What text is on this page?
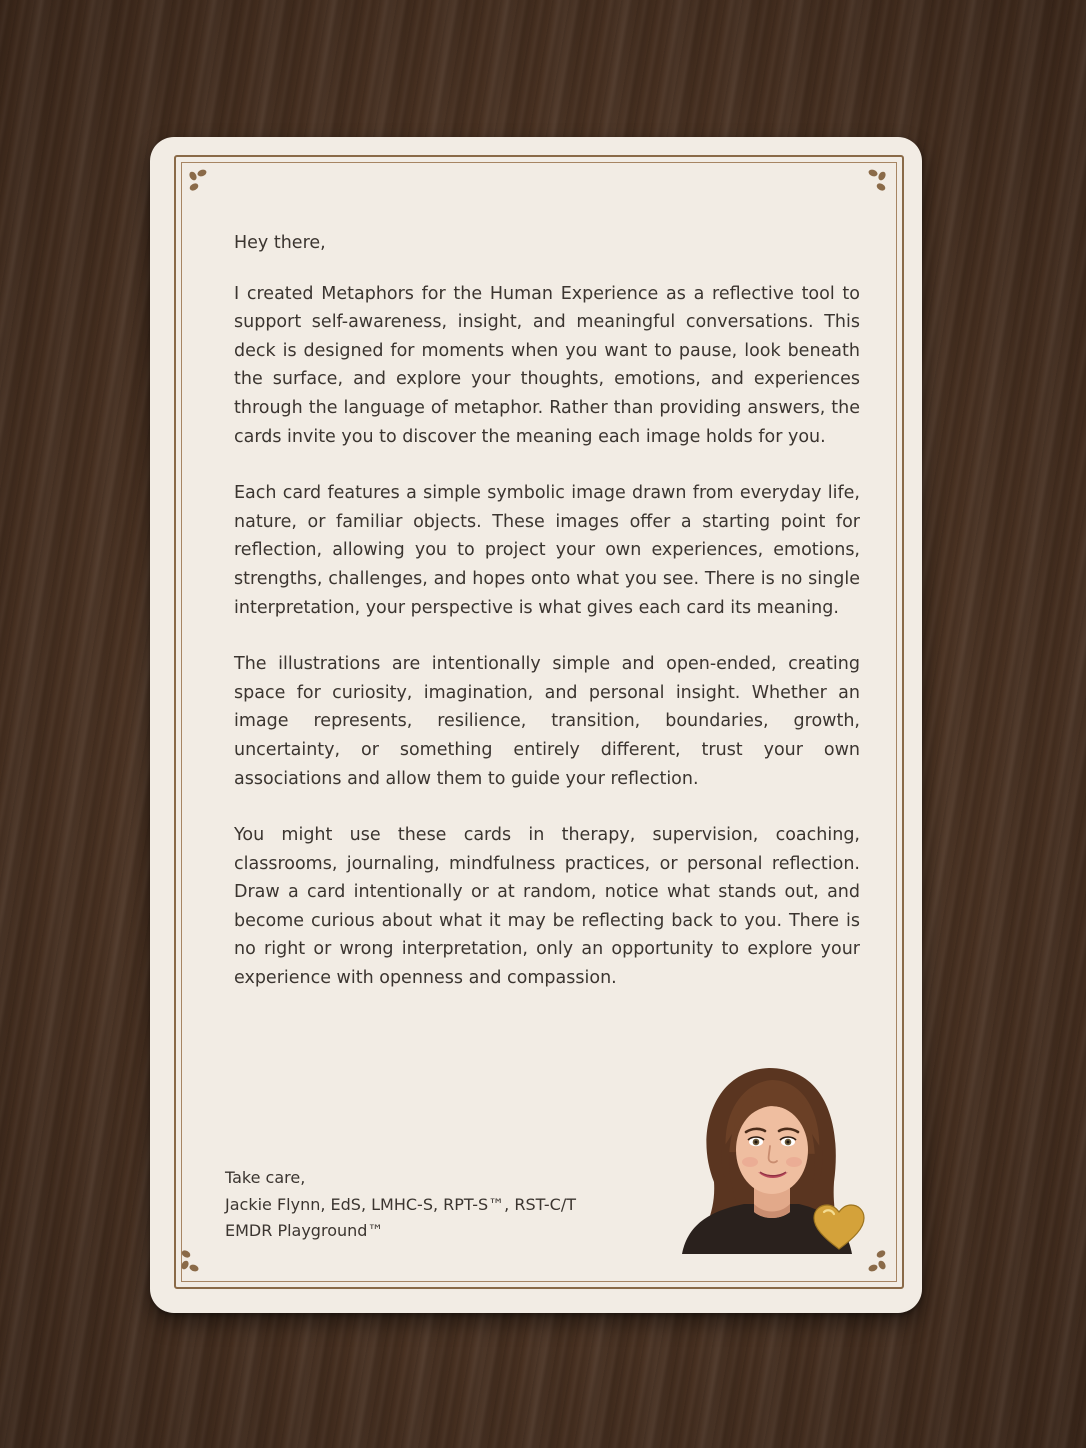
Hey there,

I created Metaphors for the Human Experience as a reflective tool to support self-awareness, insight, and meaningful conversations. This deck is designed for moments when you want to pause, look beneath the surface, and explore your thoughts, emotions, and experiences through the language of metaphor. Rather than providing answers, the cards invite you to discover the meaning each image holds for you.

Each card features a simple symbolic image drawn from everyday life, nature, or familiar objects. These images offer a starting point for reflection, allowing you to project your own experiences, emotions, strengths, challenges, and hopes onto what you see. There is no single interpretation, your perspective is what gives each card its meaning.

The illustrations are intentionally simple and open-ended, creating space for curiosity, imagination, and personal insight. Whether an image represents, resilience, transition, boundaries, growth, uncertainty, or something entirely different, trust your own associations and allow them to guide your reflection.

You might use these cards in therapy, supervision, coaching, classrooms, journaling, mindfulness practices, or personal reflection. Draw a card intentionally or at random, notice what stands out, and become curious about what it may be reflecting back to you. There is no right or wrong interpretation, only an opportunity to explore your experience with openness and compassion.

Take care,
Jackie Flynn, EdS, LMHC-S, RPT-S™, RST-C/T
EMDR Playground™
